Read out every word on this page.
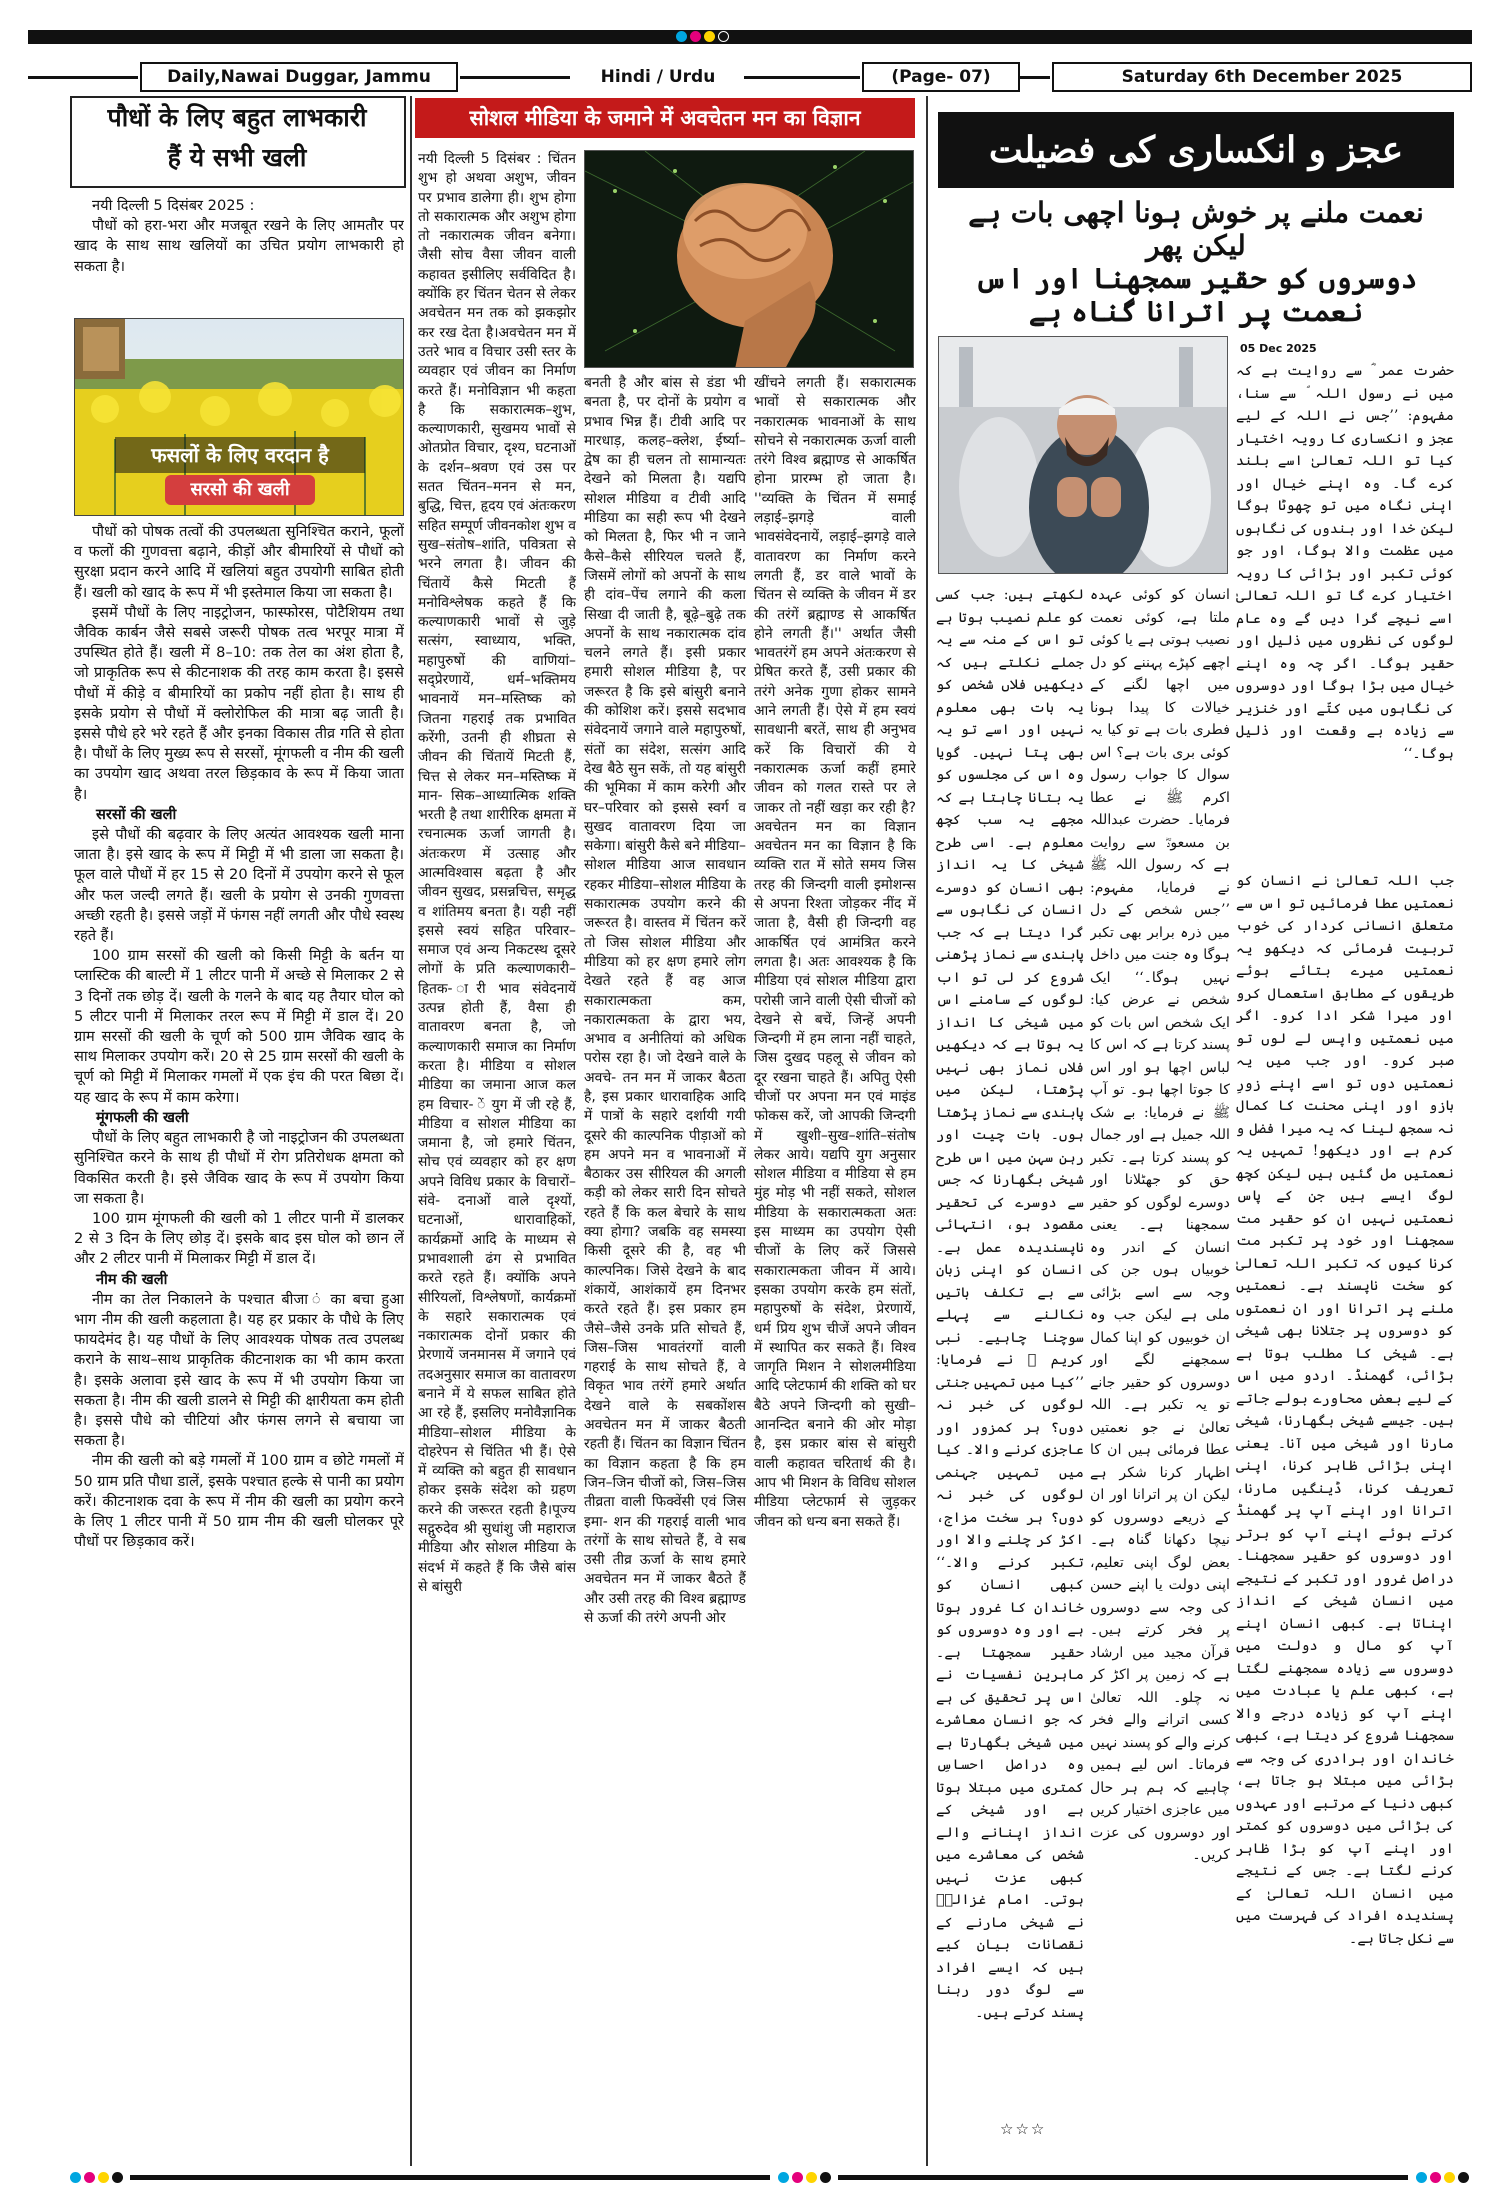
Daily,Nawai Duggar, Jammu	Hindi / Urdu	(Page- 07)	Saturday 6th December 2025
पौधों के लिए बहुत लाभकारी
हैं ये सभी खली

नयी दिल्ली 5 दिसंबर 2025 :

पौधों को हरा-भरा और मजबूत रखने के लिए आमतौर पर खाद के साथ साथ खलियों का उचित प्रयोग लाभकारी हो सकता है।

फसलों के लिए वरदान है
सरसो की खली

पौधों को पोषक तत्वों की उपलब्धता सुनिश्चित कराने, फूलों व फलों की गुणवत्ता बढ़ाने, कीड़ों और बीमारियों से पौधों को सुरक्षा प्रदान करने आदि में खलियां बहुत उपयोगी साबित होती हैं। खली को खाद के रूप में भी इस्तेमाल किया जा सकता है।

इसमें पौधों के लिए नाइट्रोजन, फास्फोरस, पोटैशियम तथा जैविक कार्बन जैसे सबसे जरूरी पोषक तत्व भरपूर मात्रा में उपस्थित होते हैं। खली में 8–10: तक तेल का अंश होता है, जो प्राकृतिक रूप से कीटनाशक की तरह काम करता है। इससे पौधों में कीड़े व बीमारियों का प्रकोप नहीं होता है। साथ ही इसके प्रयोग से पौधों में क्लोरोफिल की मात्रा बढ़ जाती है। इससे पौधे हरे भरे रहते हैं और इनका विकास तीव्र गति से होता है। पौधों के लिए मुख्य रूप से सरसों, मूंगफली व नीम की खली का उपयोग खाद अथवा तरल छिड़काव के रूप में किया जाता है।

सरसों की खली

इसे पौधों की बढ़वार के लिए अत्यंत आवश्यक खली माना जाता है। इसे खाद के रूप में मिट्टी में भी डाला जा सकता है। फूल वाले पौधों में हर 15 से 20 दिनों में उपयोग करने से फूल और फल जल्दी लगते हैं। खली के प्रयोग से उनकी गुणवत्ता अच्छी रहती है। इससे जड़ों में फंगस नहीं लगती और पौधे स्वस्थ रहते हैं।

100 ग्राम सरसों की खली को किसी मिट्टी के बर्तन या प्लास्टिक की बाल्टी में 1 लीटर पानी में अच्छे से मिलाकर 2 से 3 दिनों तक छोड़ दें। खली के गलने के बाद यह तैयार घोल को 5 लीटर पानी में मिलाकर तरल रूप में मिट्टी में डाल दें। 20 ग्राम सरसों की खली के चूर्ण को 500 ग्राम जैविक खाद के साथ मिलाकर उपयोग करें। 20 से 25 ग्राम सरसों की खली के चूर्ण को मिट्टी में मिलाकर गमलों में एक इंच की परत बिछा दें। यह खाद के रूप में काम करेगा।

मूंगफली की खली

पौधों के लिए बहुत लाभकारी है जो नाइट्रोजन की उपलब्धता सुनिश्चित करने के साथ ही पौधों में रोग प्रतिरोधक क्षमता को विकसित करती है। इसे जैविक खाद के रूप में उपयोग किया जा सकता है।

100 ग्राम मूंगफली की खली को 1 लीटर पानी में डालकर 2 से 3 दिन के लिए छोड़ दें। इसके बाद इस घोल को छान लें और 2 लीटर पानी में मिलाकर मिट्टी में डाल दें।

नीम की खली

नीम का तेल निकालने के पश्चात बीजा ं का बचा हुआ भाग नीम की खली कहलाता है। यह हर प्रकार के पौधे के लिए फायदेमंद है। यह पौधों के लिए आवश्यक पोषक तत्व उपलब्ध कराने के साथ–साथ प्राकृतिक कीटनाशक का भी काम करता है। इसके अलावा इसे खाद के रूप में भी उपयोग किया जा सकता है। नीम की खली डालने से मिट्टी की क्षारीयता कम होती है। इससे पौधे को चीटियां और फंगस लगने से बचाया जा सकता है।

नीम की खली को बड़े गमलों में 100 ग्राम व छोटे गमलों में 50 ग्राम प्रति पौधा डालें, इसके पश्चात हल्के से पानी का प्रयोग करें। कीटनाशक दवा के रूप में नीम की खली का प्रयोग करने के लिए 1 लीटर पानी में 50 ग्राम नीम की खली घोलकर पूरे पौधों पर छिड़काव करें।

सोशल मीडिया के जमाने में अवचेतन मन का विज्ञान

नयी दिल्ली 5 दिसंबर : चिंतन शुभ हो अथवा अशुभ, जीवन पर प्रभाव डालेगा ही। शुभ होगा तो सकारात्मक और अशुभ होगा तो नकारात्मक जीवन बनेगा। जैसी सोच वैसा जीवन वाली कहावत इसीलिए सर्वविदित है। क्योंकि हर चिंतन चेतन से लेकर अवचेतन मन तक को झकझोर कर रख देता है।अवचेतन मन में उतरे भाव व विचार उसी स्तर के व्यवहार एवं जीवन का निर्माण करते हैं। मनोविज्ञान भी कहता है कि सकारात्मक–शुभ, कल्याणकारी, सुखमय भावों से ओतप्रोत विचार, दृश्य, घटनाओं के दर्शन–श्रवण एवं उस पर सतत चिंतन–मनन से मन, बुद्धि, चित्त, हृदय एवं अंतःकरण सहित सम्पूर्ण जीवनकोश शुभ व सुख–संतोष–शांति, पवित्रता से भरने लगता है। जीवन की चिंतायें कैसे मिटती हैं मनोविश्लेषक कहते हैं कि कल्याणकारी भावों से जुड़े सत्संग, स्वाध्याय, भक्ति, महापुरुषों की वाणियां–सद्प्रेरणायें, धर्म–भक्तिमय भावनायें मन–मस्तिष्क को जितना गहराई तक प्रभावित करेंगी, उतनी ही शीघ्रता से जीवन की चिंतायें मिटती हैं, चित्त से लेकर मन–मस्तिष्क में मान- सिक–आध्यात्मिक शक्ति भरती है तथा शारीरिक क्षमता में रचनात्मक ऊर्जा जागती है। अंतःकरण में उत्साह और आत्मविश्वास बढ़ता है और जीवन सुखद, प्रसन्नचित्त, समृद्ध व शांतिमय बनता है। यही नहीं इससे स्वयं सहित परिवार–समाज एवं अन्य निकटस्थ दूसरे लोगों के प्रति कल्याणकारी–हितक- ारी भाव संवेदनायें उत्पन्न होती हैं, वैसा ही वातावरण बनता है, जो कल्याणकारी समाज का निर्माण करता है। मीडिया व सोशल मीडिया का जमाना आज कल हम विचार- ें युग में जी रहे हैं, मीडिया व सोशल मीडिया का जमाना है, जो हमारे चिंतन, सोच एवं व्यवहार को हर क्षण अपने विविध प्रकार के विचारों–संवे- दनाओं वाले दृश्यों, घटनाओं, धारावाहिकों, कार्यक्रमों आदि के माध्यम से प्रभावशाली ढंग से प्रभावित करते रहते हैं। क्योंकि अपने सीरियलों, विश्लेषणों, कार्यक्रमों के सहारे सकारात्मक एवं नकारात्मक दोनों प्रकार की प्रेरणायें जनमानस में जगाने एवं तदअनुसार समाज का वातावरण बनाने में ये सफल साबित होते आ रहे हैं, इसलिए मनोवैज्ञानिक मीडिया–सोशल मीडिया के दोहरेपन से चिंतित भी हैं। ऐसे में व्यक्ति को बहुत ही सावधान होकर इसके संदेश को ग्रहण करने की जरूरत रहती है।पूज्य सद्गुरुदेव श्री सुधांशु जी महाराज मीडिया और सोशल मीडिया के संदर्भ में कहते हैं कि जैसे बांस से बांसुरी

बनती है और बांस से डंडा भी बनता है, पर दोनों के प्रयोग व प्रभाव भिन्न हैं। टीवी आदि पर मारधाड़, कलह–क्लेश, ईर्ष्या–द्वेष का ही चलन तो सामान्यतः देखने को मिलता है। यद्यपि सोशल मीडिया व टीवी आदि मीडिया का सही रूप भी देखने को मिलता है, फिर भी न जाने कैसे–कैसे सीरियल चलते हैं, जिसमें लोगों को अपनों के साथ ही दांव–पेंच लगाने की कला सिखा दी जाती है, बूढ़े–बुढ़े तक अपनों के साथ नकारात्मक दांव चलने लगते हैं। इसी प्रकार हमारी सोशल मीडिया है, पर जरूरत है कि इसे बांसुरी बनाने की कोशिश करें। इससे सदभाव संवेदनायें जगाने वाले महापुरुषों, संतों का संदेश, सत्संग आदि देख बैठे सुन सकें, तो यह बांसुरी की भूमिका में काम करेगी और घर–परिवार को इससे स्वर्ग व सुखद वातावरण दिया जा सकेगा। बांसुरी कैसे बने मीडिया–सोशल मीडिया आज सावधान रहकर मीडिया–सोशल मीडिया के सकारात्मक उपयोग करने की जरूरत है। वास्तव में चिंतन करें तो जिस सोशल मीडिया और मीडिया को हर क्षण हमारे लोग देखते रहते हैं वह आज सकारात्मकता कम, नकारात्मकता के द्वारा भय, अभाव व अनीतियां को अधिक परोस रहा है। जो देखने वाले के अवचे- तन मन में जाकर बैठता है, इस प्रकार धारावाहिक आदि में पात्रों के सहारे दर्शायी गयी दूसरे की काल्पनिक पीड़ाओं को हम अपने मन व भावनाओं में बैठाकर उस सीरियल की अगली कड़ी को लेकर सारी दिन सोचते रहते हैं कि कल बेचारे के साथ क्या होगा? जबकि वह समस्या किसी दूसरे की है, वह भी काल्पनिक। जिसे देखने के बाद शंकायें, आशंकायें हम दिनभर करते रहते हैं। इस प्रकार हम जैसे–जैसे उनके प्रति सोचते हैं, जिस–जिस भावतंरगों वाली गहराई के साथ सोचते हैं, वे विकृत भाव तरंगें हमारे अर्थात देखने वाले के सबकोंशस अवचेतन मन में जाकर बैठती रहती हैं। चिंतन का विज्ञान चिंतन का विज्ञान कहता है कि हम जिन–जिन चीजों को, जिस–जिस तीव्रता वाली फिक्वेंसी एवं जिस इमा- शन की गहराई वाली भाव तरंगों के साथ सोचते हैं, वे सब उसी तीव्र ऊर्जा के साथ हमारे अवचेतन मन में जाकर बैठते हैं और उसी तरह की विश्व ब्रह्माण्ड से ऊर्जा की तरंगे अपनी ओर

खींचने लगती हैं। सकारात्मक भावों से सकारात्मक और नकारात्मक भावनाओं के साथ सोचने से नकारात्मक ऊर्जा वाली तरंगे विश्व ब्रह्माण्ड से आकर्षित होना प्रारम्भ हो जाता है। ''व्यक्ति के चिंतन में समाई लड़ाई–झगड़े वाली भावसंवेदनायें, लड़ाई–झगड़े वाले वातावरण का निर्माण करने लगती हैं, डर वाले भावों के चिंतन से व्यक्ति के जीवन में डर की तरंगें ब्रह्माण्ड से आकर्षित होने लगती हैं।'' अर्थात जैसी भावतरंगें हम अपने अंतःकरण से प्रेषित करते हैं, उसी प्रकार की तरंगे अनेक गुणा होकर सामने आने लगती हैं। ऐसे में हम स्वयं सावधानी बरतें, साथ ही अनुभव करें कि विचारों की ये नकारात्मक ऊर्जा कहीं हमारे जीवन को गलत रास्ते पर ले जाकर तो नहीं खड़ा कर रही है? अवचेतन मन का विज्ञान अवचेतन मन का विज्ञान है कि व्यक्ति रात में सोते समय जिस तरह की जिन्दगी वाली इमोशन्स से अपना रिश्ता जोड़कर नींद में जाता है, वैसी ही जिन्दगी वह आकर्षित एवं आमंत्रित करने लगता है। अतः आवश्यक है कि मीडिया एवं सोशल मीडिया द्वारा परोसी जाने वाली ऐसी चीजों को देखने से बचें, जिन्हें अपनी जिन्दगी में हम लाना नहीं चाहते, जिस दुखद पहलू से जीवन को दूर रखना चाहते हैं। अपितु ऐसी चीजों पर अपना मन एवं माइंड फोकस करें, जो आपकी जिन्दगी में खुशी–सुख–शांति–संतोष लेकर आये। यद्यपि युग अनुसार सोशल मीडिया व मीडिया से हम मुंह मोड़ भी नहीं सकते, सोशल मीडिया के सकारात्मकता अतः इस माध्यम का उपयोग ऐसी चीजों के लिए करें जिससे सकारात्मकता जीवन में आये। इसका उपयोग करके हम संतों, महापुरुषों के संदेश, प्रेरणायें, धर्म प्रिय शुभ चीजें अपने जीवन में स्थापित कर सकते हैं। विश्व जागृति मिशन ने सोशलमीडिया आदि प्लेटफार्म की शक्ति को घर बैठे अपने जिन्दगी को सुखी–आनन्दित बनाने की ओर मोड़ा है, इस प्रकार बांस से बांसुरी वाली कहावत चरितार्थ की है। आप भी मिशन के विविध सोशल मीडिया प्लेटफार्म से जुड़कर जीवन को धन्य बना सकते हैं।

عجز و انکساری کی فضیلت
نعمت ملنے پر خوش ہونا اچھی بات ہے لیکن پھر
دوسروں کو حقیر سمجھنا اور اس نعمت پر اترانا گناہ ہے
05 Dec 2025

حضرت عمر ؓ سے روایت ہے کہ میں نے رسول اللہ ؐ سے سنا، مفہوم: ’’جس نے اللہ کے لیے عجز و انکساری کا رویہ اختیار کیا تو اللہ تعالیٰ اسے بلند کرے گا۔ وہ اپنے خیال اور اپنی نگاہ میں تو چھوٹا ہوگا لیکن خدا اور بندوں کی نگاہوں میں عظمت والا ہوگا، اور جو کوئی تکبر اور بڑائی کا رویہ اختیار کرے گا تو اللہ تعالیٰ اسے نیچے گرا دیں گے وہ عام لوگوں کی نظروں میں ذلیل اور حقیر ہوگا۔ اگر چہ وہ اپنے خیال میں بڑا ہوگا اور دوسروں کی نگاہوں میں کتّے اور خنزیر سے زیادہ بے وقعت اور ذلیل ہوگا۔‘‘

جب اللہ تعالیٰ نے انسان کو نعمتیں عطا فرمائیں تو اس سے متعلق انسانی کردار کی خوب تربیت فرمائی کہ دیکھو یہ نعمتیں میرے بتائے ہوئے طریقوں کے مطابق استعمال کرو اور میرا شکر ادا کرو۔ اگر میں نعمتیں واپس لے لوں تو صبر کرو۔ اور جب میں یہ نعمتیں دوں تو اسے اپنے زورِ بازو اور اپنی محنت کا کمال نہ سمجھ لینا کہ یہ میرا فضل و کرم ہے اور دیکھو! تمہیں یہ نعمتیں مل گئیں ہیں لیکن کچھ لوگ ایسے ہیں جن کے پاس نعمتیں نہیں ان کو حقیر مت سمجھنا اور خود پر تکبر مت کرنا کیوں کہ تکبر اللہ تعالیٰ کو سخت ناپسند ہے۔ نعمتیں ملنے پر اترانا اور ان نعمتوں کو دوسروں پر جتلانا بھی شیخی ہے۔ شیخی کا مطلب ہوتا ہے بڑائی، گھمنڈ۔ اردو میں اس کے لیے بعض محاورے بولے جاتے ہیں۔ جیسے شیخی بگھارنا، شیخی مارنا اور شیخی میں آنا۔ یعنی اپنی بڑائی ظاہر کرنا، اپنی تعریف کرنا، ڈینگیں مارنا، اترانا اور اپنے آپ پر گھمنڈ کرتے ہوئے اپنے آپ کو برتر اور دوسروں کو حقیر سمجھنا۔ دراصل غرور اور تکبر کے نتیجے میں انسان شیخی کے انداز اپناتا ہے۔ کبھی انسان اپنے آپ کو مال و دولت میں دوسروں سے زیادہ سمجھنے لگتا ہے، کبھی علم یا عبادت میں اپنے آپ کو زیادہ درجے والا سمجھنا شروع کر دیتا ہے، کبھی خاندان اور برادری کی وجہ سے بڑائی میں مبتلا ہو جاتا ہے، کبھی دنیا کے مرتبے اور عہدوں کی بڑائی میں دوسروں کو کمتر اور اپنے آپ کو بڑا ظاہر کرنے لگتا ہے۔ جس کے نتیجے میں انسان اللہ تعالیٰ کے پسندیدہ افراد کی فہرست میں سے نکل جاتا ہے۔

انسان کو کوئی عہدہ ملتا ہے، کوئی نعمت نصیب ہوتی ہے یا کوئی اچھے کپڑے پہننے کو دل میں اچھا لگنے کے خیالات کا پیدا ہونا فطری بات ہے تو کیا یہ کوئی بری بات ہے؟ اس سوال کا جواب رسول اکرم ﷺ نے عطا فرمایا۔ حضرت عبداللہ بن مسعودؓ سے روایت ہے کہ رسول اللہ ﷺ نے فرمایا، مفہوم: ’’جس شخص کے دل میں ذرہ برابر بھی تکبر ہوگا وہ جنت میں داخل نہیں ہوگا۔‘‘ ایک شخص نے عرض کیا: ایک شخص اس بات کو پسند کرتا ہے کہ اس کا لباس اچھا ہو اور اس کا جوتا اچھا ہو۔ تو آپ ﷺ نے فرمایا: بے شک اللہ جمیل ہے اور جمال کو پسند کرتا ہے۔ تکبر حق کو جھٹلانا اور دوسرے لوگوں کو حقیر سمجھنا ہے۔ یعنی انسان کے اندر وہ خوبیاں ہوں جن کی وجہ سے اسے بڑائی ملی ہے لیکن جب وہ ان خوبیوں کو اپنا کمال سمجھنے لگے اور دوسروں کو حقیر جانے تو یہ تکبر ہے۔ اللہ تعالیٰ نے جو نعمتیں عطا فرمائی ہیں ان کا اظہار کرنا شکر ہے لیکن ان پر اترانا اور ان کے ذریعے دوسروں کو نیچا دکھانا گناہ ہے۔ بعض لوگ اپنی تعلیم، اپنی دولت یا اپنے حسن کی وجہ سے دوسروں پر فخر کرتے ہیں۔ قرآن مجید میں ارشاد ہے کہ زمین پر اکڑ کر نہ چلو۔ اللہ تعالیٰ کسی اترانے والے فخر کرنے والے کو پسند نہیں فرماتا۔ اس لیے ہمیں چاہیے کہ ہم ہر حال میں عاجزی اختیار کریں اور دوسروں کی عزت کریں۔

لکھتے ہیں: جب کسی کو علم نصیب ہوتا ہے تو اس کے منہ سے یہ جملے نکلتے ہیں کہ دیکھیں فلاں شخص کو یہ بات بھی معلوم نہیں اور اسے تو یہ بھی پتا نہیں۔ گویا وہ اس کی مجلسوں کو یہ بتانا چاہتا ہے کہ مجھے یہ سب کچھ معلوم ہے۔ اسی طرح شیخی کا یہ انداز بھی انسان کو دوسرے انسان کی نگاہوں سے گرا دیتا ہے کہ جب پابندی سے نماز پڑھنی شروع کر لی تو اب لوگوں کے سامنے اس میں شیخی کا انداز یہ ہوتا ہے کہ دیکھیں فلاں نماز بھی نہیں پڑھتا، لیکن میں پابندی سے نماز پڑھتا ہوں۔ بات چیت اور رہن سہن میں اس طرح شیخی بگھارنا کہ جس سے دوسرے کی تحقیر مقصود ہو، انتہائی ناپسندیدہ عمل ہے۔ انسان کو اپنی زبان سے بے تکلف باتیں نکالنے سے پہلے سوچنا چاہیے۔ نبی کریم ﷺ نے فرمایا: ’’کیا میں تمہیں جنتی لوگوں کی خبر نہ دوں؟ ہر کمزور اور عاجزی کرنے والا۔ کیا میں تمہیں جہنمی لوگوں کی خبر نہ دوں؟ ہر سخت مزاج، اکڑ کر چلنے والا اور تکبر کرنے والا۔‘‘ کبھی انسان کو خاندان کا غرور ہوتا ہے اور وہ دوسروں کو حقیر سمجھتا ہے۔ ماہرین نفسیات نے اس پر تحقیق کی ہے کہ جو انسان معاشرے میں شیخی بگھارتا ہے وہ دراصل احساسِ کمتری میں مبتلا ہوتا ہے اور شیخی کے انداز اپنانے والے شخص کی معاشرے میں کبھی عزت نہیں ہوتی۔ امام غزالیؒ نے شیخی مارنے کے نقصانات بیان کیے ہیں کہ ایسے افراد سے لوگ دور رہنا پسند کرتے ہیں۔

☆☆☆
